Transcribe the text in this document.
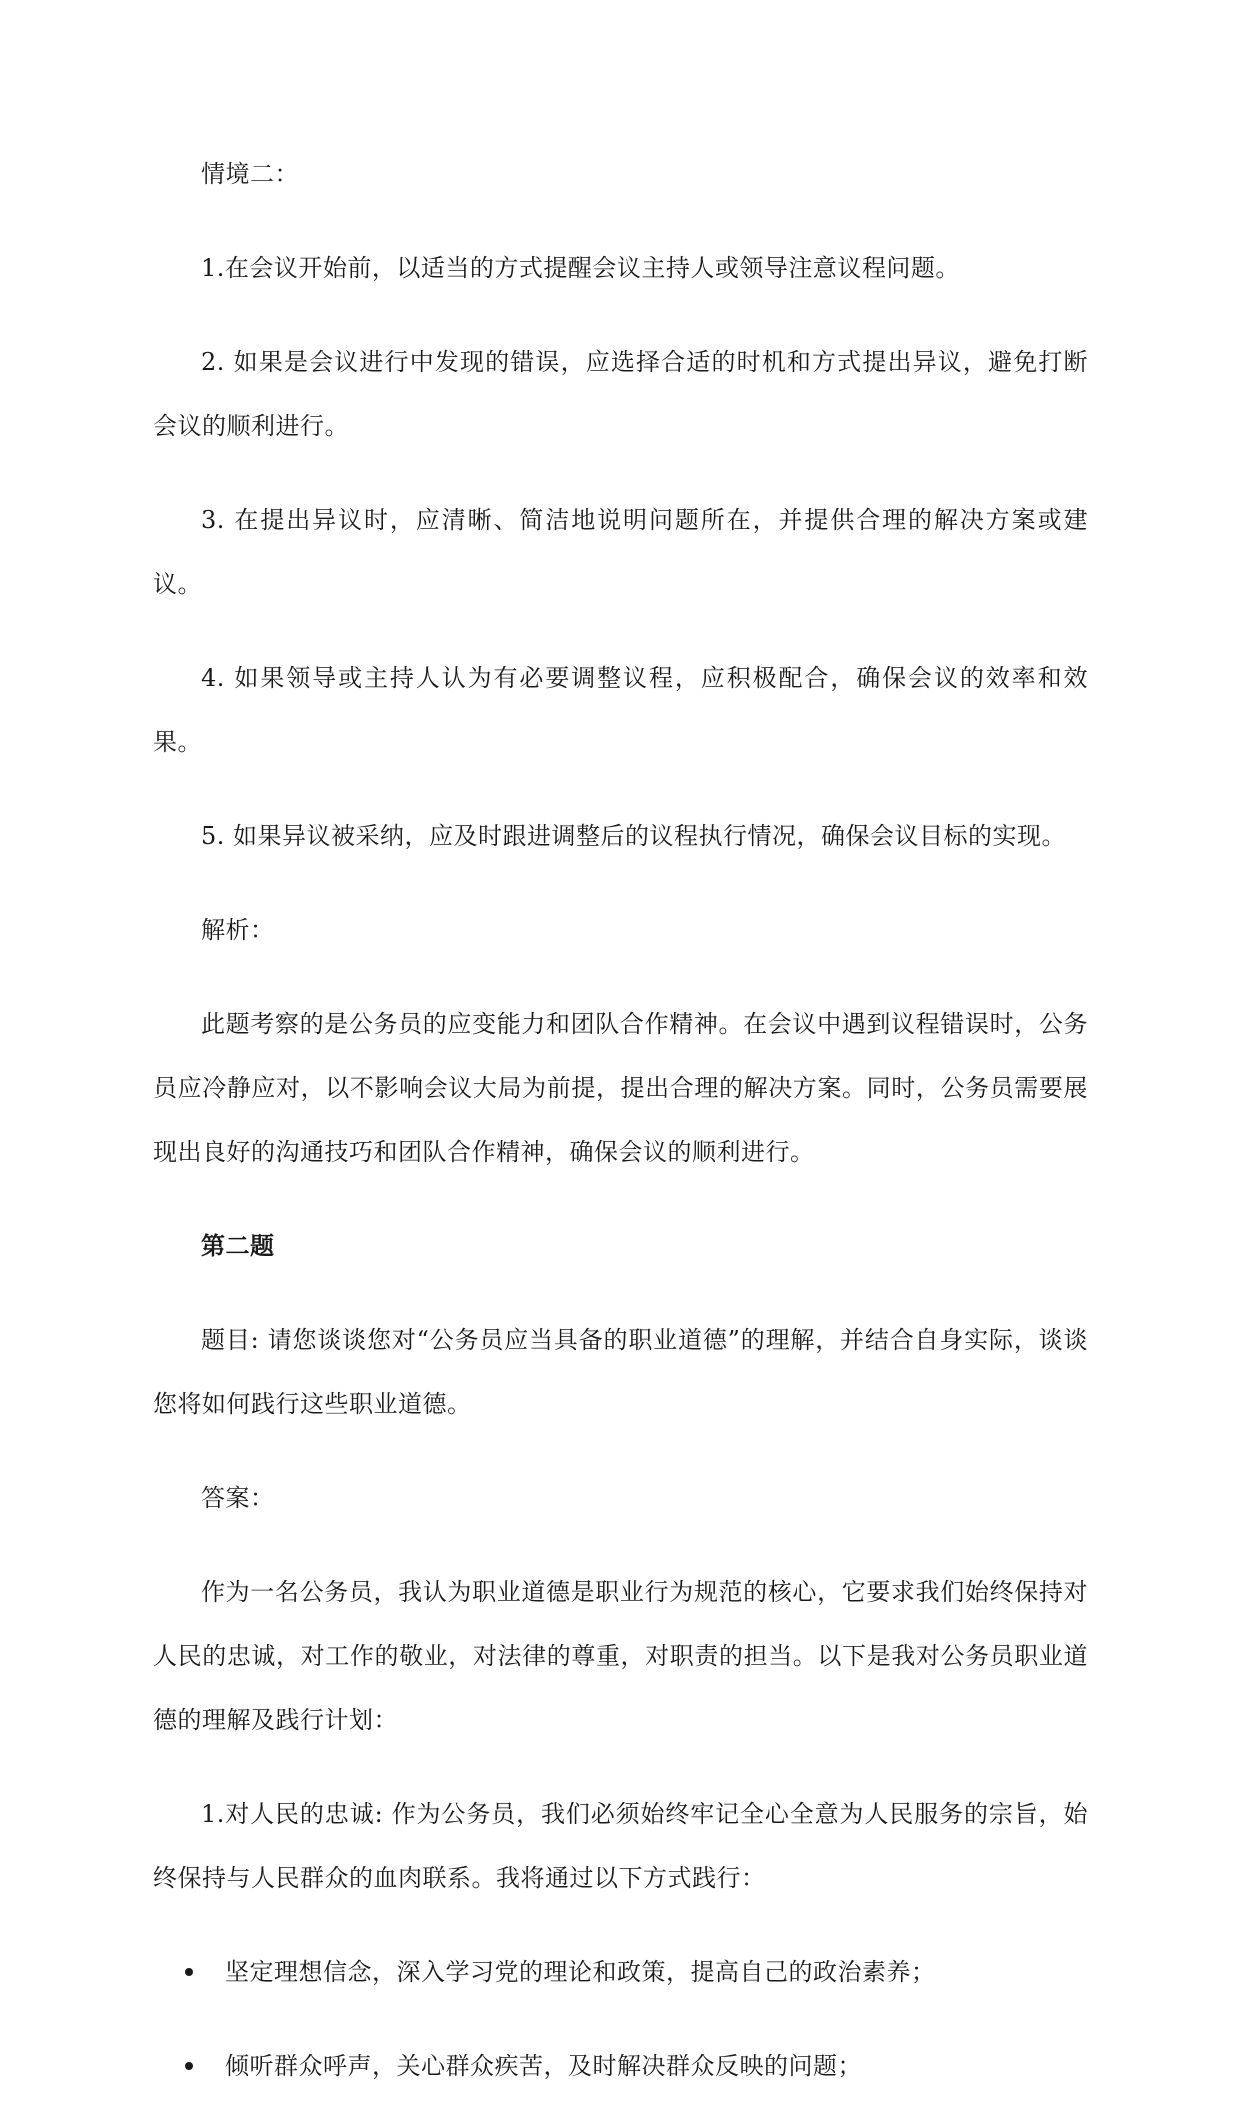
情境二：

1.在会议开始前，以适当的方式提醒会议主持人或领导注意议程问题。

2. 如果是会议进行中发现的错误，应选择合适的时机和方式提出异议，避免打断会议的顺利进行。

3. 在提出异议时，应清晰、简洁地说明问题所在，并提供合理的解决方案或建议。

4. 如果领导或主持人认为有必要调整议程，应积极配合，确保会议的效率和效果。

5. 如果异议被采纳，应及时跟进调整后的议程执行情况，确保会议目标的实现。

解析：

此题考察的是公务员的应变能力和团队合作精神。在会议中遇到议程错误时，公务员应冷静应对，以不影响会议大局为前提，提出合理的解决方案。同时，公务员需要展现出良好的沟通技巧和团队合作精神，确保会议的顺利进行。

第二题

题目: 请您谈谈您对“公务员应当具备的职业道德”的理解，并结合自身实际，谈谈您将如何践行这些职业道德。

答案：

作为一名公务员，我认为职业道德是职业行为规范的核心，它要求我们始终保持对人民的忠诚，对工作的敬业，对法律的尊重，对职责的担当。以下是我对公务员职业道德的理解及践行计划：

1.对人民的忠诚: 作为公务员，我们必须始终牢记全心全意为人民服务的宗旨，始终保持与人民群众的血肉联系。我将通过以下方式践行：

坚定理想信念，深入学习党的理论和政策，提高自己的政治素养；
倾听群众呼声，关心群众疾苦，及时解决群众反映的问题；
